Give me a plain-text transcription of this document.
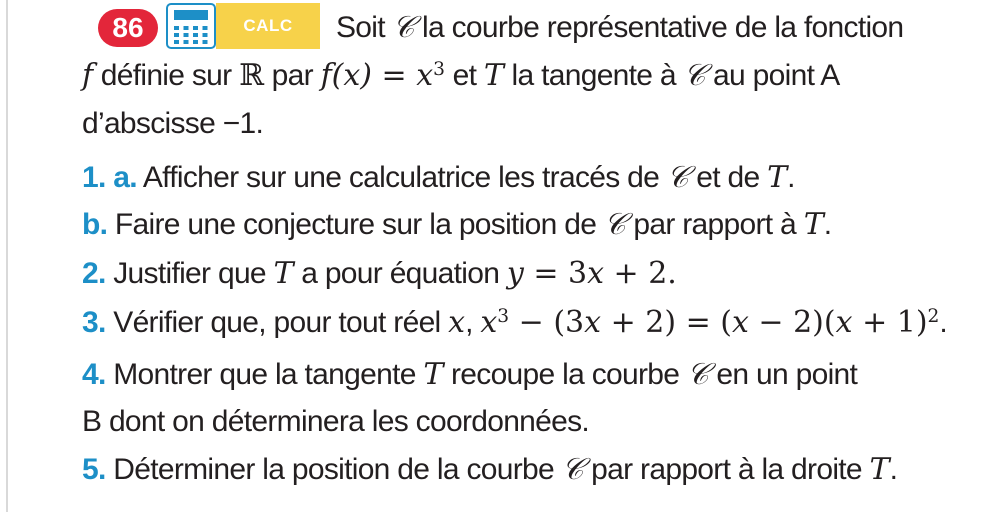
86	CALC	Soit 𝒞 la courbe représentative de la fonction
f définie sur ℝ par $f(x) = x^3$ et T la tangente à 𝒞 au point A
d’abscisse −1.
1. a. Afficher sur une calculatrice les tracés de 𝒞 et de T.
b. Faire une conjecture sur la position de 𝒞 par rapport à T.
2. Justifier que T a pour équation y = 3x + 2.
3. Vérifier que, pour tout réel x, $x^3 - (3x + 2) = (x - 2)(x + 1)^2$.
4. Montrer que la tangente T recoupe la courbe 𝒞 en un point
B dont on déterminera les coordonnées.
5. Déterminer la position de la courbe 𝒞 par rapport à la droite T.
